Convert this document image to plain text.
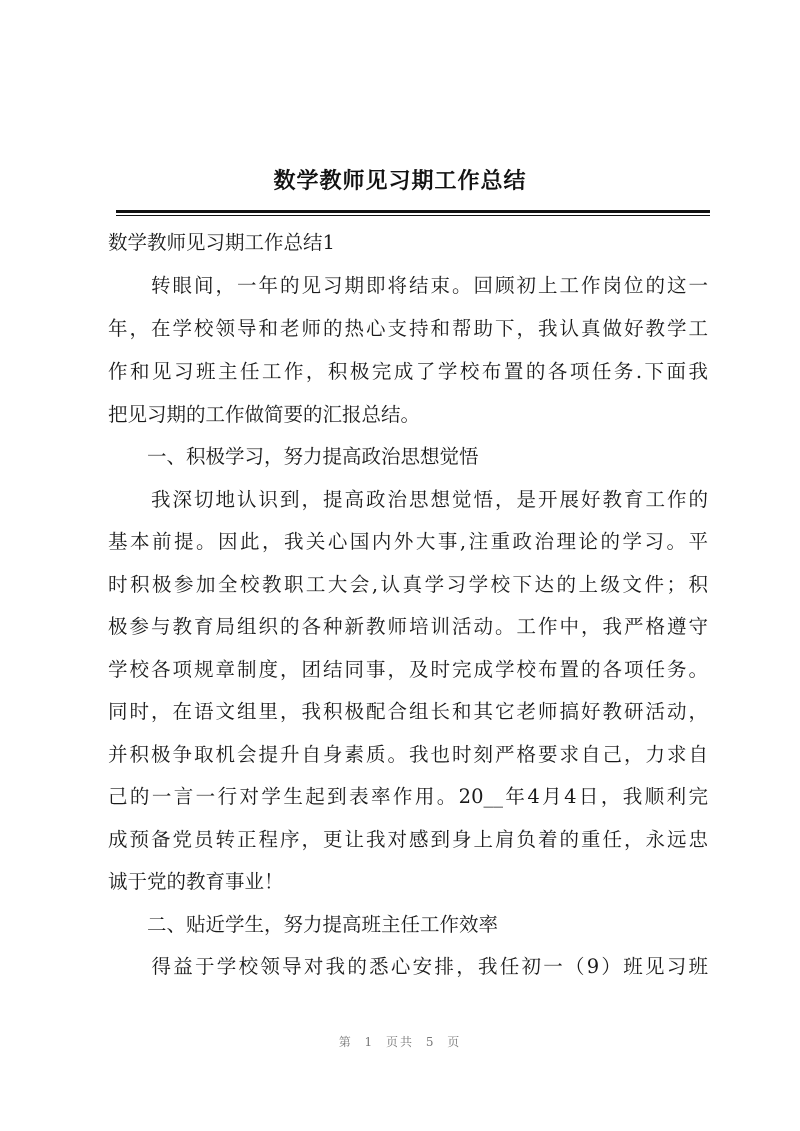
数学教师见习期工作总结
数学教师见习期工作总结1
　　转眼间，一年的见习期即将结束。回顾初上工作岗位的这一
年，在学校领导和老师的热心支持和帮助下，我认真做好教学工
作和见习班主任工作，积极完成了学校布置的各项任务.下面我
把见习期的工作做简要的汇报总结。
　　一、积极学习，努力提高政治思想觉悟
　　我深切地认识到，提高政治思想觉悟，是开展好教育工作的
基本前提。因此，我关心国内外大事,注重政治理论的学习。平
时积极参加全校教职工大会,认真学习学校下达的上级文件；积
极参与教育局组织的各种新教师培训活动。工作中，我严格遵守
学校各项规章制度，团结同事，及时完成学校布置的各项任务。
同时，在语文组里，我积极配合组长和其它老师搞好教研活动，
并积极争取机会提升自身素质。我也时刻严格要求自己，力求自
己的一言一行对学生起到表率作用。20__年4月4日，我顺利完
成预备党员转正程序，更让我对感到身上肩负着的重任，永远忠
诚于党的教育事业！
　　二、贴近学生，努力提高班主任工作效率
　　得益于学校领导对我的悉心安排，我任初一（9）班见习班
第 1 页共 5 页
